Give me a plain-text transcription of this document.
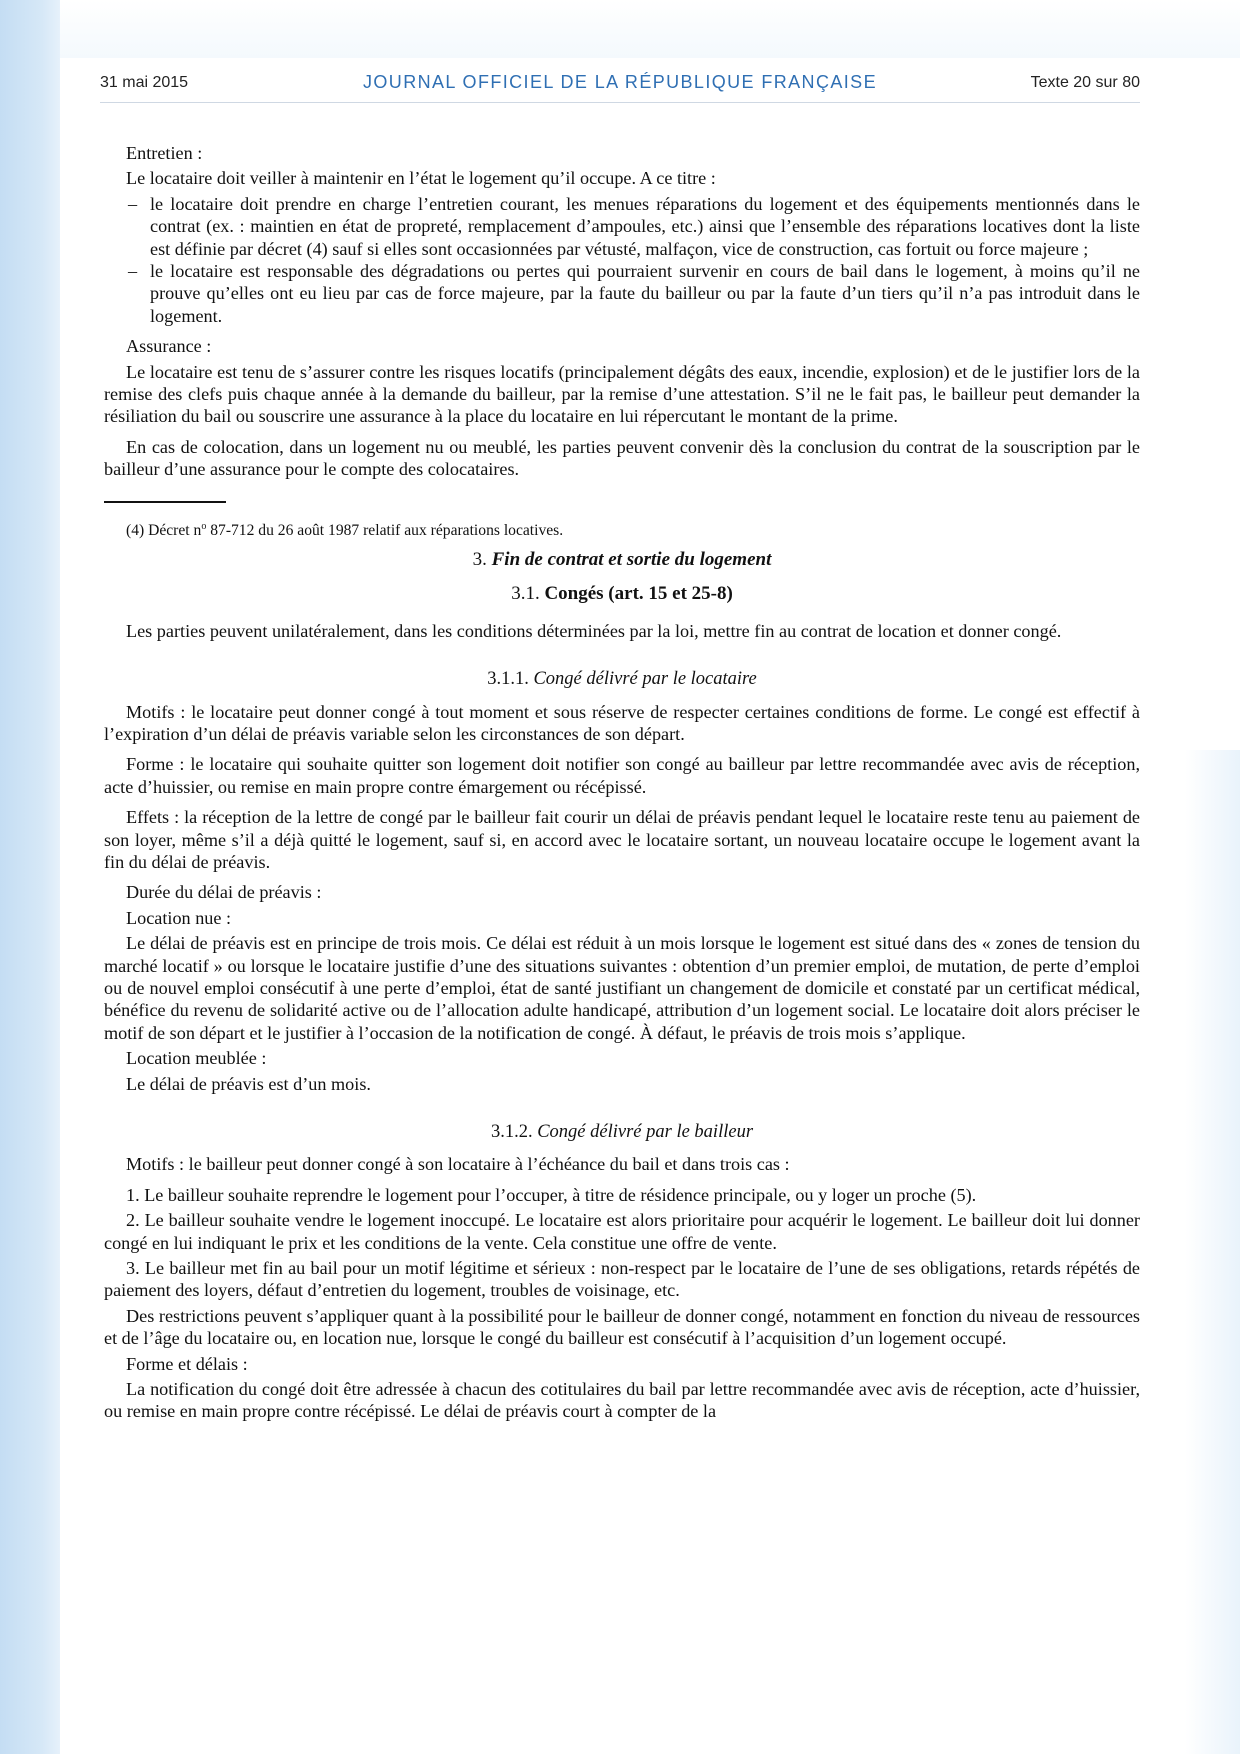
31 mai 2015	JOURNAL OFFICIEL DE LA RÉPUBLIQUE FRANÇAISE	Texte 20 sur 80

Entretien :

Le locataire doit veiller à maintenir en l’état le logement qu’il occupe. A ce titre :

– le locataire doit prendre en charge l’entretien courant, les menues réparations du logement et des équipements mentionnés dans le contrat (ex. : maintien en état de propreté, remplacement d’ampoules, etc.) ainsi que l’ensemble des réparations locatives dont la liste est définie par décret (4) sauf si elles sont occasionnées par vétusté, malfaçon, vice de construction, cas fortuit ou force majeure ;
– le locataire est responsable des dégradations ou pertes qui pourraient survenir en cours de bail dans le logement, à moins qu’il ne prouve qu’elles ont eu lieu par cas de force majeure, par la faute du bailleur ou par la faute d’un tiers qu’il n’a pas introduit dans le logement.

Assurance :

Le locataire est tenu de s’assurer contre les risques locatifs (principalement dégâts des eaux, incendie, explosion) et de le justifier lors de la remise des clefs puis chaque année à la demande du bailleur, par la remise d’une attestation. S’il ne le fait pas, le bailleur peut demander la résiliation du bail ou souscrire une assurance à la place du locataire en lui répercutant le montant de la prime.

En cas de colocation, dans un logement nu ou meublé, les parties peuvent convenir dès la conclusion du contrat de la souscription par le bailleur d’une assurance pour le compte des colocataires.

(4) Décret $n^o$ 87-712 du 26 août 1987 relatif aux réparations locatives.

3. Fin de contrat et sortie du logement
3.1. Congés (art. 15 et 25-8)

Les parties peuvent unilatéralement, dans les conditions déterminées par la loi, mettre fin au contrat de location et donner congé.

3.1.1. Congé délivré par le locataire

Motifs : le locataire peut donner congé à tout moment et sous réserve de respecter certaines conditions de forme. Le congé est effectif à l’expiration d’un délai de préavis variable selon les circonstances de son départ.

Forme : le locataire qui souhaite quitter son logement doit notifier son congé au bailleur par lettre recommandée avec avis de réception, acte d’huissier, ou remise en main propre contre émargement ou récépissé.

Effets : la réception de la lettre de congé par le bailleur fait courir un délai de préavis pendant lequel le locataire reste tenu au paiement de son loyer, même s’il a déjà quitté le logement, sauf si, en accord avec le locataire sortant, un nouveau locataire occupe le logement avant la fin du délai de préavis.

Durée du délai de préavis :

Location nue :

Le délai de préavis est en principe de trois mois. Ce délai est réduit à un mois lorsque le logement est situé dans des « zones de tension du marché locatif » ou lorsque le locataire justifie d’une des situations suivantes : obtention d’un premier emploi, de mutation, de perte d’emploi ou de nouvel emploi consécutif à une perte d’emploi, état de santé justifiant un changement de domicile et constaté par un certificat médical, bénéfice du revenu de solidarité active ou de l’allocation adulte handicapé, attribution d’un logement social. Le locataire doit alors préciser le motif de son départ et le justifier à l’occasion de la notification de congé. À défaut, le préavis de trois mois s’applique.

Location meublée :

Le délai de préavis est d’un mois.

3.1.2. Congé délivré par le bailleur

Motifs : le bailleur peut donner congé à son locataire à l’échéance du bail et dans trois cas :

1. Le bailleur souhaite reprendre le logement pour l’occuper, à titre de résidence principale, ou y loger un proche (5).

2. Le bailleur souhaite vendre le logement inoccupé. Le locataire est alors prioritaire pour acquérir le logement. Le bailleur doit lui donner congé en lui indiquant le prix et les conditions de la vente. Cela constitue une offre de vente.

3. Le bailleur met fin au bail pour un motif légitime et sérieux : non-respect par le locataire de l’une de ses obligations, retards répétés de paiement des loyers, défaut d’entretien du logement, troubles de voisinage, etc.

Des restrictions peuvent s’appliquer quant à la possibilité pour le bailleur de donner congé, notamment en fonction du niveau de ressources et de l’âge du locataire ou, en location nue, lorsque le congé du bailleur est consécutif à l’acquisition d’un logement occupé.

Forme et délais :

La notification du congé doit être adressée à chacun des cotitulaires du bail par lettre recommandée avec avis de réception, acte d’huissier, ou remise en main propre contre récépissé. Le délai de préavis court à compter de la
